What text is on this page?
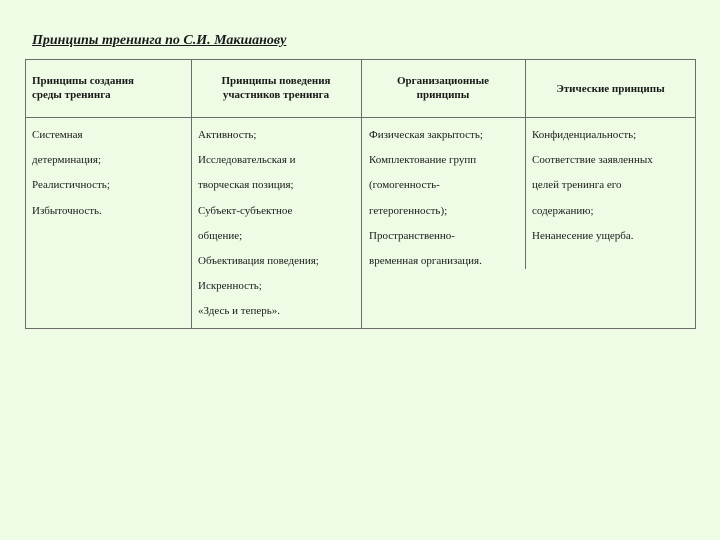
Принципы тренинга по С.И. Макшанову
Принципы создания
среды тренинга
Принципы поведения
участников тренинга
Организационные
принципы	Этические принципы
Системная
детерминация;
Реалистичность;
Избыточность.
Активность;
Исследовательская и
творческая позиция;
Субъект-субъектное
общение;
Объективация поведения;
Искренность;
«Здесь и теперь».
Физическая закрытость;
Комплектование групп
(гомогенность-
гетерогенность);
Пространственно-
временная организация.
Конфиденциальность;
Соответствие заявленных
целей тренинга его
содержанию;
Ненанесение ущерба.
